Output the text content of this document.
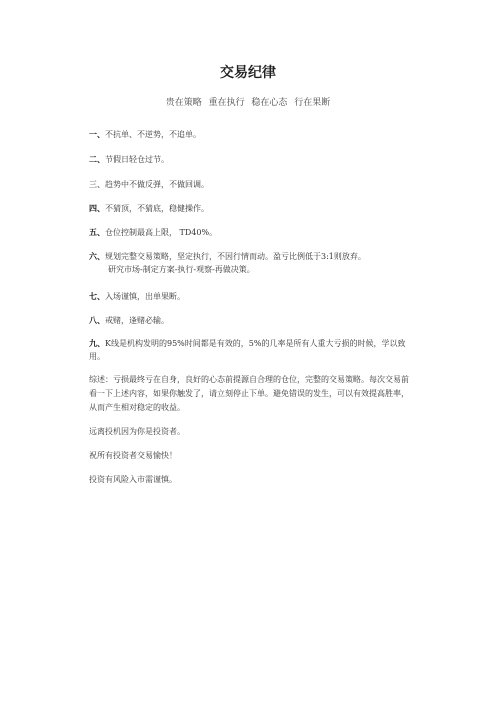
交易纪律
贵在策略 重在执行 稳在心态 行在果断

一、不抗单、不逆势，不追单。

二、节假日轻仓过节。

三、趋势中不做反弹，不做回调。

四、不猜顶，不猜底，稳健操作。

五、仓位控制最高上限， TD40%。

六、规划完整交易策略，坚定执行，不因行情而动。盈亏比例低于3:1则放弃。

研究市场-制定方案-执行-观察-再做决策。

七、入场谨慎，出单果断。

八、戒赌，逢赌必输。

九、K线是机构发明的95%时间都是有效的，5%的几率是所有人重大亏损的时候，学以致用。

综述：亏损最终亏在自身，良好的心态前提源自合理的仓位，完整的交易策略。每次交易前看一下上述内容，如果你触发了，请立刻停止下单。避免错误的发生，可以有效提高胜率，从而产生相对稳定的收益。

远离投机因为你是投资者。

祝所有投资者交易愉快！

投资有风险入市需谨慎。
